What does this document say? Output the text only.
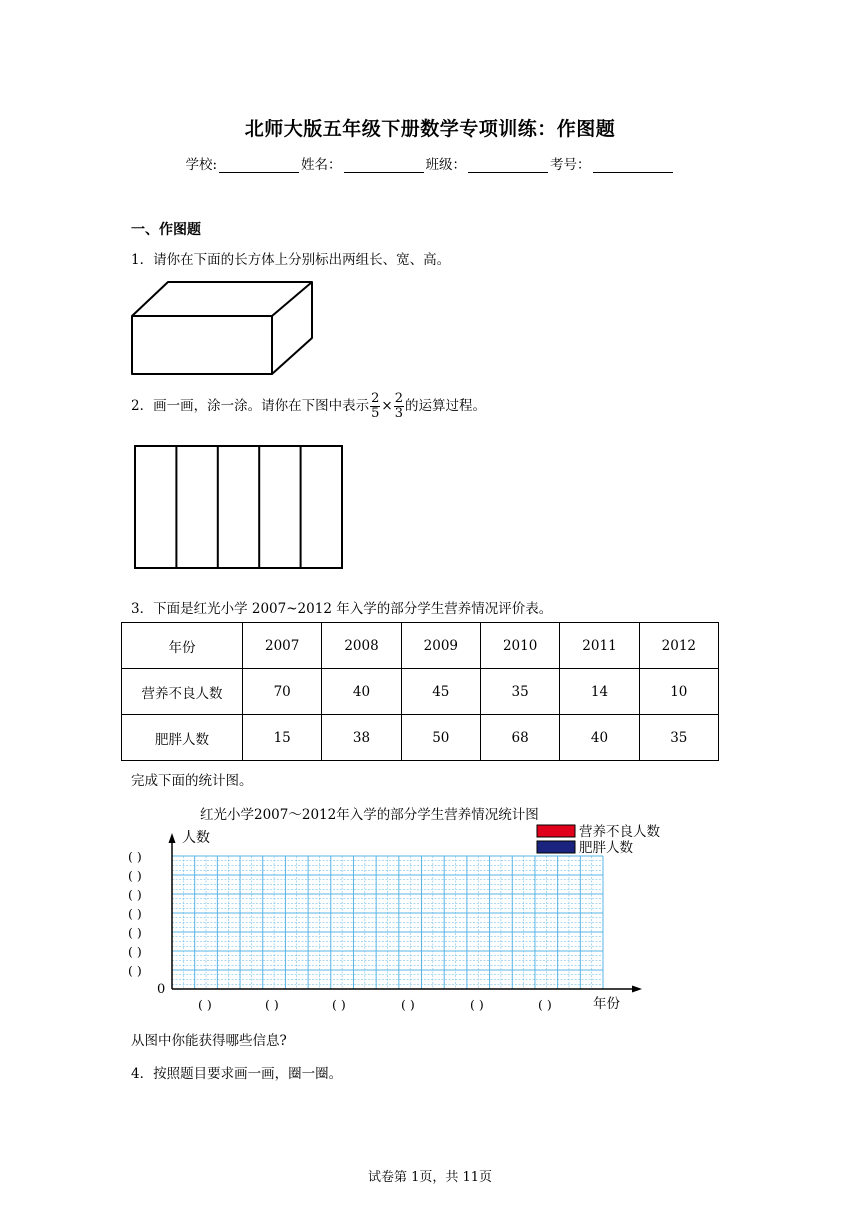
北师大版五年级下册数学专项训练：作图题
学校:	姓名：	班级：	考号：
一、作图题
1．请你在下面的长方体上分别标出两组长、宽、高。
2．画一画，涂一涂。请你在下图中表示 $\frac{2}{5} \times \frac{2}{3}$ 的运算过程。
3．下面是红光小学 2007~2012 年入学的部分学生营养情况评价表。
年份	2007	2008	2009	2010	2011	2012
营养不良人数	70	40	45	35	14	10
肥胖人数	15	38	50	68	40	35
完成下面的统计图。
红光小学2007～2012年入学的部分学生营养情况统计图
人数	营养不良人数
肥胖人数
( )
( )
( )
( )
( )
( )
( )
( )	( )	( )	( )	( )	( )
0
年份
从图中你能获得哪些信息?
4．按照题目要求画一画，圈一圈。
试卷第 1页，共 11页
